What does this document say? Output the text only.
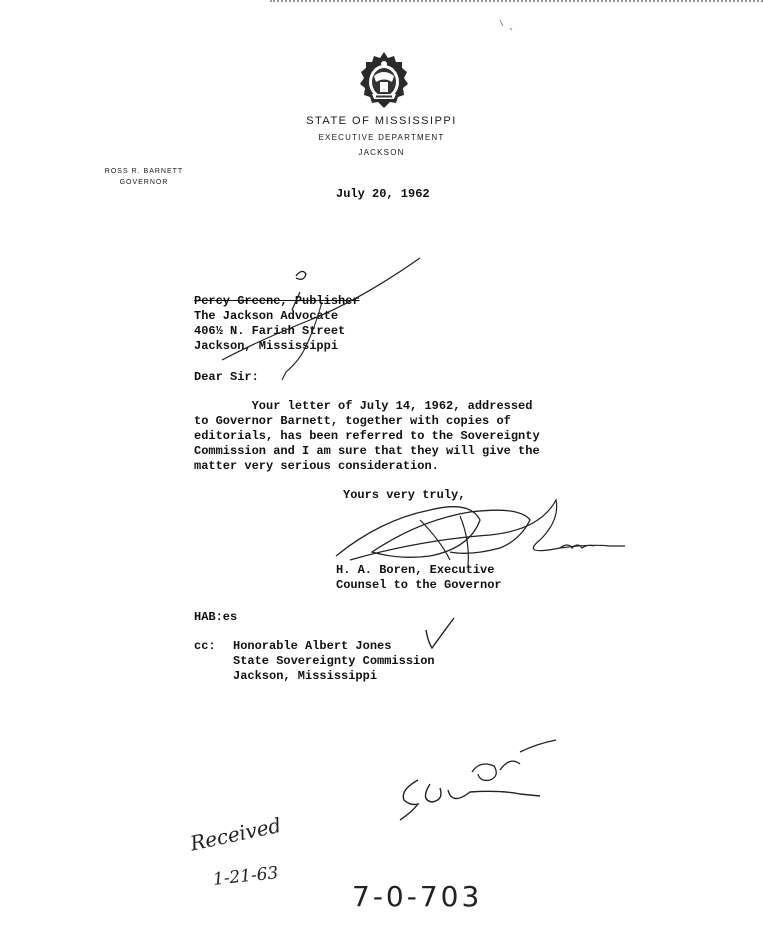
STATE OF MISSISSIPPI
EXECUTIVE DEPARTMENT
JACKSON
ROSS R. BARNETT
GOVERNOR
July 20, 1962
Percy Greene, Publisher
The Jackson Advocate
406½ N. Farish Street
Jackson, Mississippi
Dear Sir:
Your letter of July 14, 1962, addressed
to Governor Barnett, together with copies of
editorials, has been referred to the Sovereignty
Commission and I am sure that they will give the
matter very serious consideration.
Yours very truly,
H. A. Boren, Executive
Counsel to the Governor
HAB:es
cc:	Honorable Albert Jones
State Sovereignty Commission
Jackson, Mississippi
Received
1-21-63
7-0-703
